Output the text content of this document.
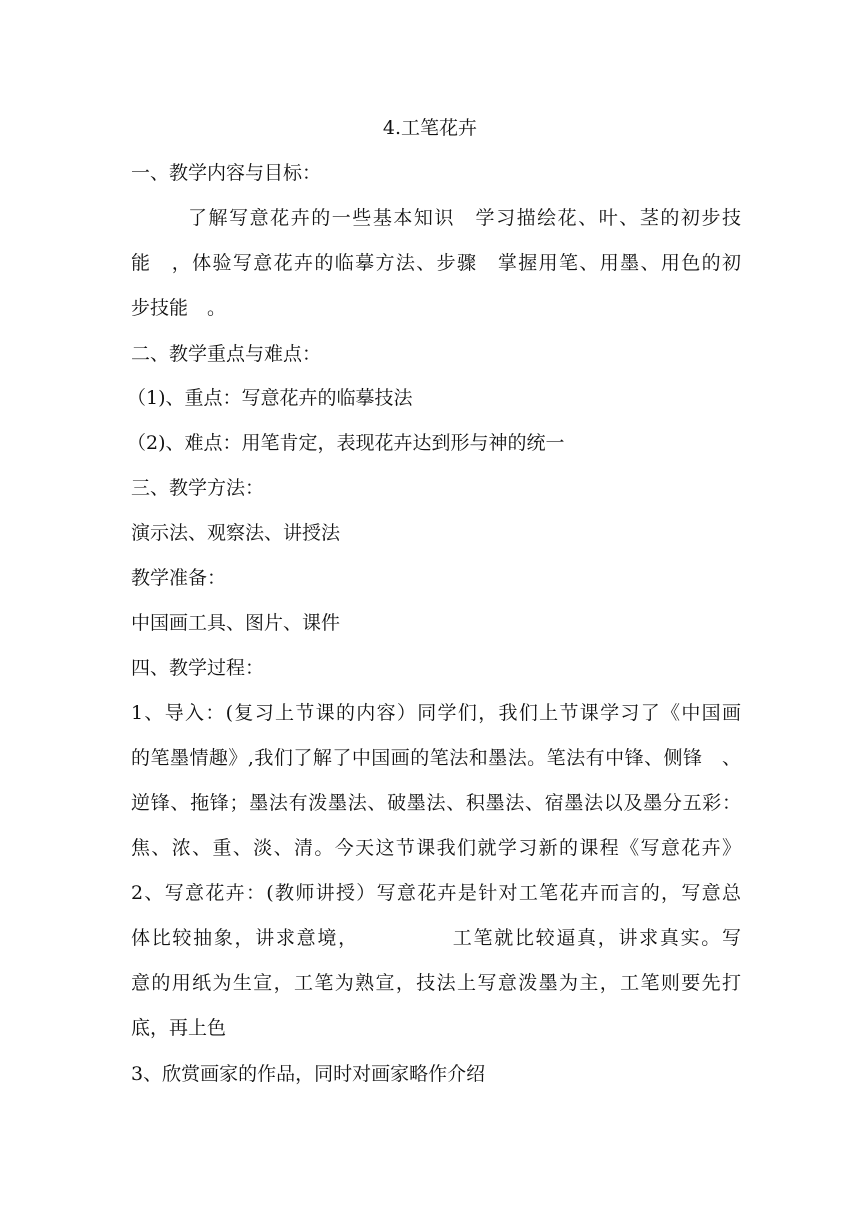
4.工笔花卉
一、教学内容与目标：
了解写意花卉的一些基本知识　学习描绘花、叶、茎的初步技
能　，体验写意花卉的临摹方法、步骤　掌握用笔、用墨、用色的初
步技能　。
二、教学重点与难点：
（1)、重点：写意花卉的临摹技法
（2)、难点：用笔肯定，表现花卉达到形与神的统一
三、教学方法：
演示法、观察法、讲授法
教学准备：
中国画工具、图片、课件
四、教学过程：
1、导入：(复习上节课的内容）同学们，我们上节课学习了《中国画
的笔墨情趣》,我们了解了中国画的笔法和墨法。笔法有中锋、侧锋　、
逆锋、拖锋；墨法有泼墨法、破墨法、积墨法、宿墨法以及墨分五彩：
焦、浓、重、淡、清。今天这节课我们就学习新的课程《写意花卉》
2、写意花卉：(教师讲授）写意花卉是针对工笔花卉而言的，写意总
体比较抽象，讲求意境，　　　　　工笔就比较逼真，讲求真实。写
意的用纸为生宣，工笔为熟宣，技法上写意泼墨为主，工笔则要先打
底，再上色
3、欣赏画家的作品，同时对画家略作介绍
